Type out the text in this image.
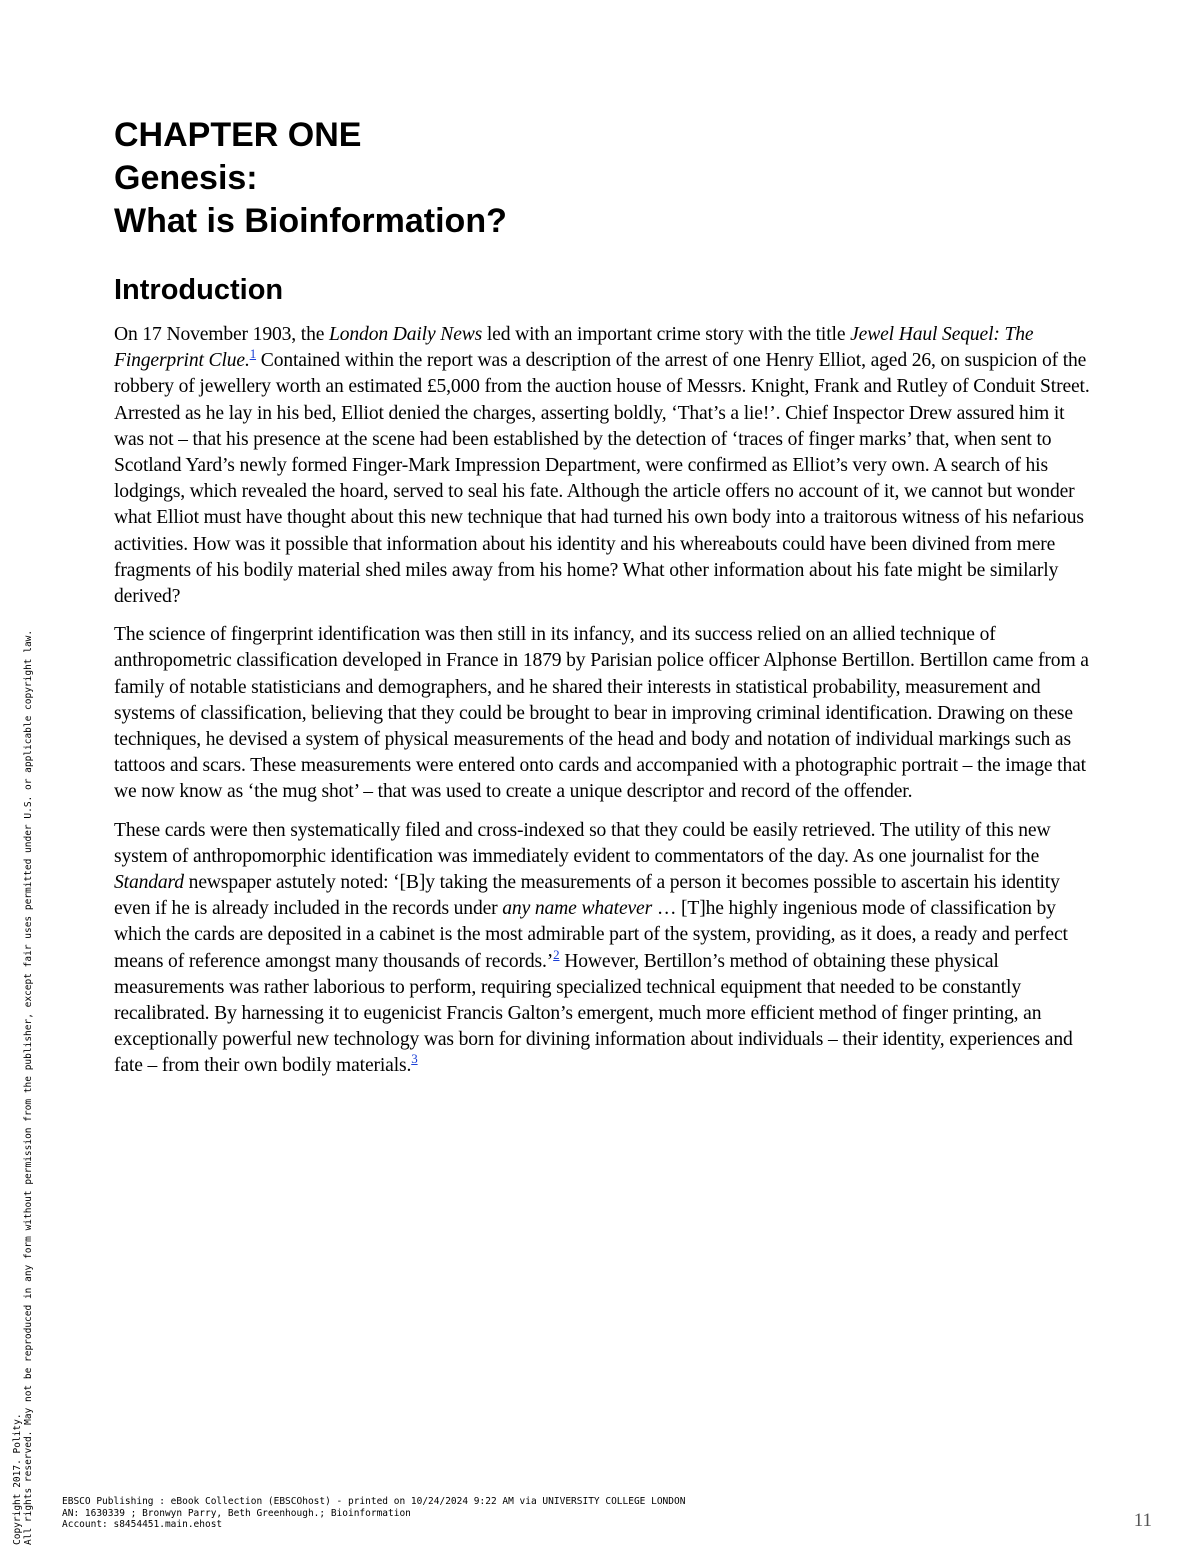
CHAPTER ONE
Genesis:
What is Bioinformation?
Introduction

On 17 November 1903, the London Daily News led with an important crime story with the title Jewel Haul Sequel: The Fingerprint Clue.$^1$ Contained within the report was a description of the arrest of one Henry Elliot, aged 26, on suspicion of the robbery of jewellery worth an estimated £5,000 from the auction house of Messrs. Knight, Frank and Rutley of Conduit Street. Arrested as he lay in his bed, Elliot denied the charges, asserting boldly, ‘That’s a lie!’. Chief Inspector Drew assured him it was not – that his presence at the scene had been established by the detection of ‘traces of finger marks’ that, when sent to Scotland Yard’s newly formed Finger-Mark Impression Department, were confirmed as Elliot’s very own. A search of his lodgings, which revealed the hoard, served to seal his fate. Although the article offers no account of it, we cannot but wonder what Elliot must have thought about this new technique that had turned his own body into a traitorous witness of his nefarious activities. How was it possible that information about his identity and his whereabouts could have been divined from mere fragments of his bodily material shed miles away from his home? What other information about his fate might be similarly derived?

The science of fingerprint identification was then still in its infancy, and its success relied on an allied technique of anthropometric classification developed in France in 1879 by Parisian police officer Alphonse Bertillon. Bertillon came from a family of notable statisticians and demographers, and he shared their interests in statistical probability, measurement and systems of classification, believing that they could be brought to bear in improving criminal identification. Drawing on these techniques, he devised a system of physical measurements of the head and body and notation of individual markings such as tattoos and scars. These measurements were entered onto cards and accompanied with a photographic portrait – the image that we now know as ‘the mug shot’ – that was used to create a unique descriptor and record of the offender.

These cards were then systematically filed and cross-indexed so that they could be easily retrieved. The utility of this new system of anthropomorphic identification was immediately evident to commentators of the day. As one journalist for the Standard newspaper astutely noted: ‘[B]y taking the measurements of a person it becomes possible to ascertain his identity even if he is already included in the records under any name whatever … [T]he highly ingenious mode of classification by which the cards are deposited in a cabinet is the most admirable part of the system, providing, as it does, a ready and perfect means of reference amongst many thousands of records.’$^2$ However, Bertillon’s method of obtaining these physical measurements was rather laborious to perform, requiring specialized technical equipment that needed to be constantly recalibrated. By harnessing it to eugenicist Francis Galton’s emergent, much more efficient method of finger printing, an exceptionally powerful new technology was born for divining information about individuals – their identity, experiences and fate – from their own bodily materials.$^3$

Copyright 2017. Polity. All rights reserved. May not be reproduced in any form without permission from the publisher, except fair uses permitted under U.S. or applicable copyright law.	EBSCO Publishing : eBook Collection (EBSCOhost) - printed on 10/24/2024 9:22 AM via UNIVERSITY COLLEGE LONDON
AN: 1630339 ; Bronwyn Parry, Beth Greenhough.; Bioinformation
Account: s8454451.main.ehost	11
